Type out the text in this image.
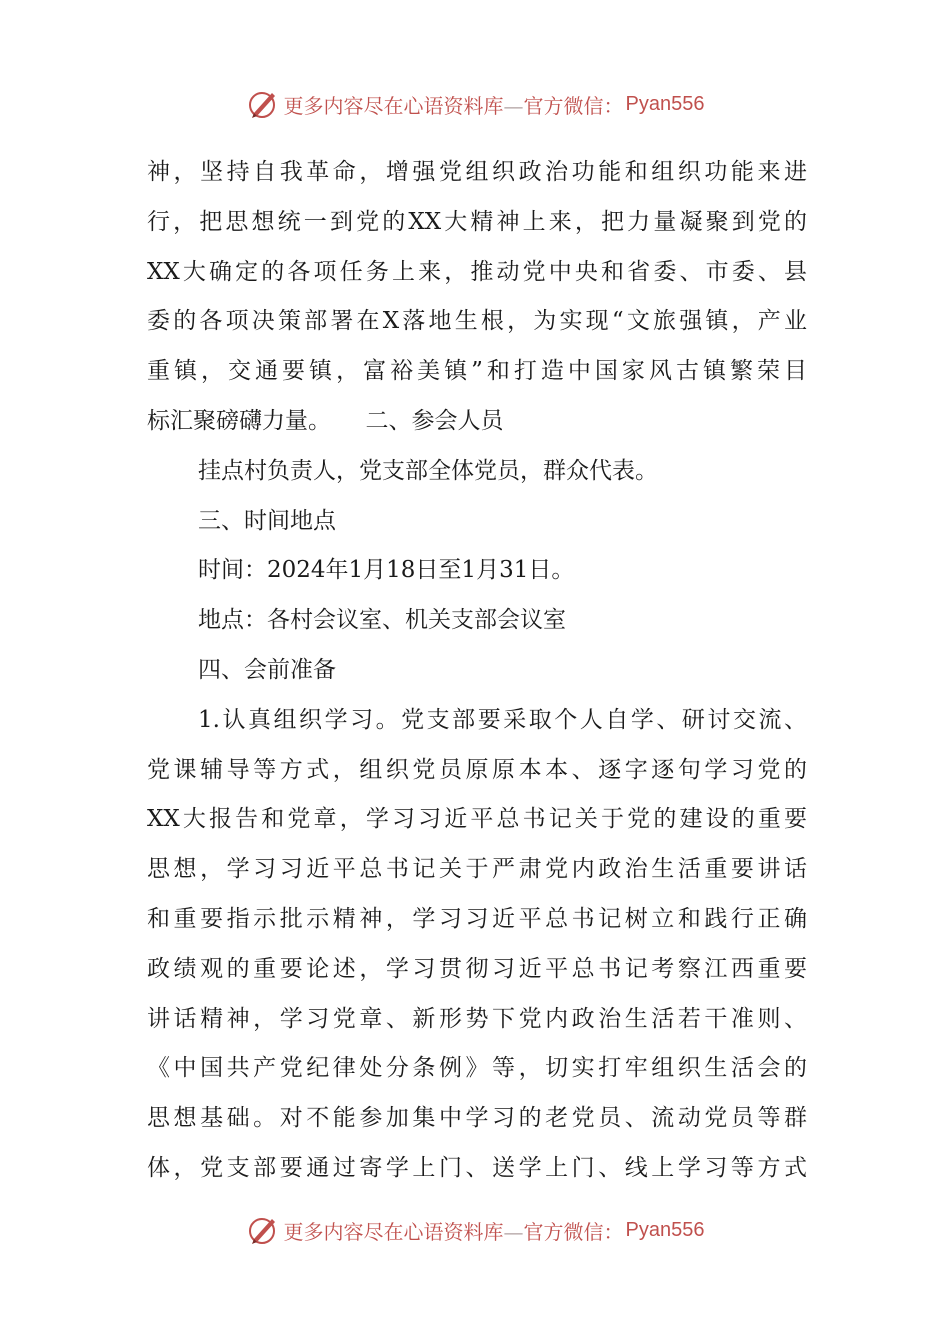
更多内容尽在心语资料库—官方微信： Pyan556
神，坚持自我革命，增强党组织政治功能和组织功能来进
行，把思想统一到党的XX大精神上来，把力量凝聚到党的
XX大确定的各项任务上来，推动党中央和省委、市委、县
委的各项决策部署在X落地生根，为实现“文旅强镇，产业
重镇，交通要镇，富裕美镇”和打造中国家风古镇繁荣目
标汇聚磅礴力量。　　二、参会人员
挂点村负责人，党支部全体党员，群众代表。
三、时间地点
时间：2024年1月18日至1月31日。
地点：各村会议室、机关支部会议室
四、会前准备
1.认真组织学习。党支部要采取个人自学、研讨交流、
党课辅导等方式，组织党员原原本本、逐字逐句学习党的
XX大报告和党章，学习习近平总书记关于党的建设的重要
思想，学习习近平总书记关于严肃党内政治生活重要讲话
和重要指示批示精神，学习习近平总书记树立和践行正确
政绩观的重要论述，学习贯彻习近平总书记考察江西重要
讲话精神，学习党章、新形势下党内政治生活若干准则、
《中国共产党纪律处分条例》等，切实打牢组织生活会的
思想基础。对不能参加集中学习的老党员、流动党员等群
体，党支部要通过寄学上门、送学上门、线上学习等方式
更多内容尽在心语资料库—官方微信： Pyan556
